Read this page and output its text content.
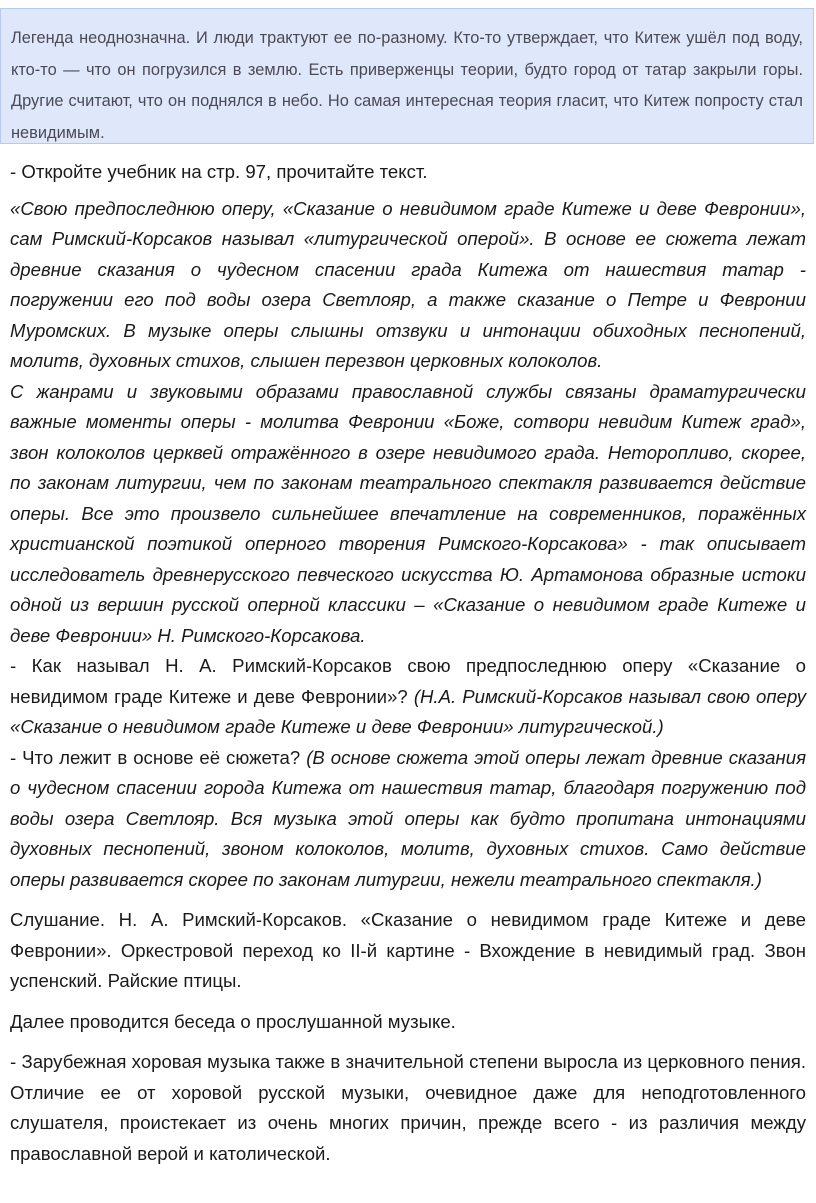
Легенда неоднозначна. И люди трактуют ее по-разному. Кто-то утверждает, что Китеж ушёл под воду, кто-то — что он погрузился в землю. Есть приверженцы теории, будто город от татар закрыли горы. Другие считают, что он поднялся в небо. Но самая интересная теория гласит, что Китеж попросту стал невидимым.

- Откройте учебник на стр. 97, прочитайте текст.

«Свою предпоследнюю оперу, «Сказание о невидимом граде Китеже и деве Февронии», сам Римский-Корсаков называл «литургической оперой». В основе ее сюжета лежат древние сказания о чудесном спасении града Китежа от нашествия татар - погружении его под воды озера Светлояр, а также сказание о Петре и Февронии Муромских. В музыке оперы слышны отзвуки и интонации обиходных песнопений, молитв, духовных стихов, слышен перезвон церковных колоколов.

С жанрами и звуковыми образами православной службы связаны драматургически важные моменты оперы - молитва Февронии «Боже, сотвори невидим Китеж град», звон колоколов церквей отражённого в озере невидимого града. Неторопливо, скорее, по законам литургии, чем по законам театрального спектакля развивается действие оперы. Все это произвело сильнейшее впечатление на современников, поражённых христианской поэтикой оперного творения Римского-Корсакова» - так описывает исследователь древнерусского певческого искусства Ю. Артамонова образные истоки одной из вершин русской оперной классики – «Сказание о невидимом граде Китеже и деве Февронии» Н. Римского-Корсакова.

- Как называл Н. А. Римский-Корсаков свою предпоследнюю оперу «Сказание о невидимом граде Китеже и деве Февронии»? (Н.А. Римский-Корсаков называл свою оперу «Сказание о невидимом граде Китеже и деве Февронии» литургической.)

- Что лежит в основе её сюжета? (В основе сюжета этой оперы лежат древние сказания о чудесном спасении города Китежа от нашествия татар, благодаря погружению под воды озера Светлояр. Вся музыка этой оперы как будто пропитана интонациями духовных песнопений, звоном колоколов, молитв, духовных стихов. Само действие оперы развивается скорее по законам литургии, нежели театрального спектакля.)

Слушание. Н. А. Римский-Корсаков. «Сказание о невидимом граде Китеже и деве Февронии». Оркестровой переход ко II-й картине - Вхождение в невидимый град. Звон успенский. Райские птицы.

Далее проводится беседа о прослушанной музыке.

- Зарубежная хоровая музыка также в значительной степени выросла из церковного пения. Отличие ее от хоровой русской музыки, очевидное даже для неподготовленного слушателя, проистекает из очень многих причин, прежде всего - из различия между православной верой и католической.
